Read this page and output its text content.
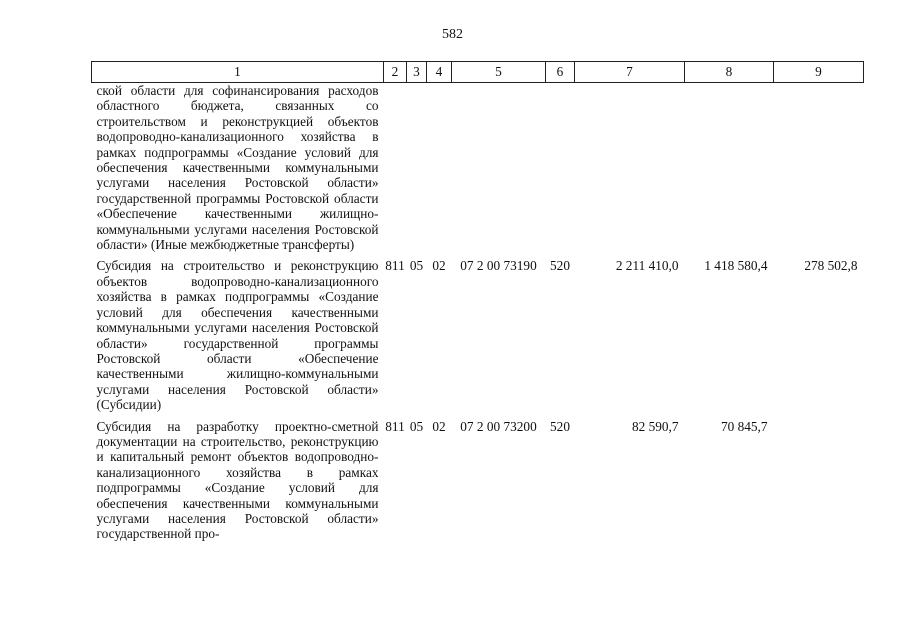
582
1	2	3	4	5	6	7	8	9
ской области для софинансирования расходов областного бюджета, связанных со строительством и реконструкцией объектов водопроводно-канализационного хозяйства в рамках подпрограммы «Создание условий для обеспечения качественными коммунальными услугами населения Ростовской области» государственной программы Ростовской области «Обеспечение качественными жилищно-коммунальными услугами населения Ростовской области» (Иные межбюджетные трансферты)								
Субсидия на строительство и реконструкцию объектов водопроводно-канализационного хозяйства в рамках подпрограммы «Создание условий для обеспечения качественными коммунальными услугами населения Ростовской области» государственной программы Ростовской области «Обеспечение качественными жилищно-коммунальными услугами населения Ростовской области» (Субсидии)	811	05	02	07 2 00 73190	520	2 211 410,0	1 418 580,4	278 502,8
Субсидия на разработку проектно-сметной документации на строительство, реконструкцию и капитальный ремонт объектов водопроводно-канализационного хозяйства в рамках подпрограммы «Создание условий для обеспечения качественными коммунальными услугами населения Ростовской области» государственной про-	811	05	02	07 2 00 73200	520	82 590,7	70 845,7	
